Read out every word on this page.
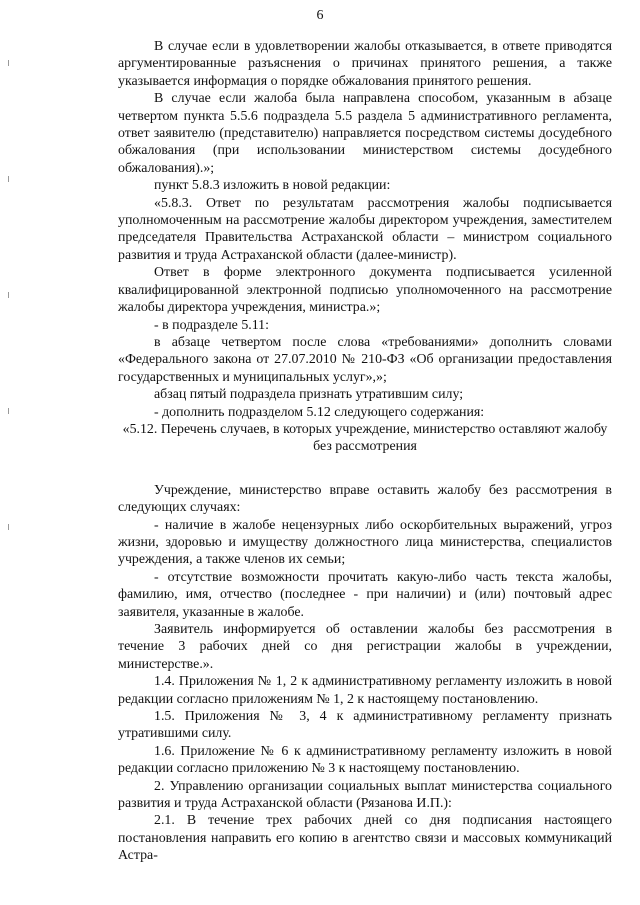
6

В случае если в удовлетворении жалобы отказывается, в ответе приводятся аргументированные разъяснения о причинах принятого решения, а также указывается информация о порядке обжалования принятого решения.

В случае если жалоба была направлена способом, указанным в абзаце четвертом пункта 5.5.6 подраздела 5.5 раздела 5 административного регламента, ответ заявителю (представителю) направляется посредством системы досудебного обжалования (при использовании министерством системы досудебного обжалования).»;

пункт 5.8.3 изложить в новой редакции:

«5.8.3. Ответ по результатам рассмотрения жалобы подписывается уполномоченным на рассмотрение жалобы директором учреждения, заместителем председателя Правительства Астраханской области – министром социального развития и труда Астраханской области (далее-министр).

Ответ в форме электронного документа подписывается усиленной квалифицированной электронной подписью уполномоченного на рассмотрение жалобы директора учреждения, министра.»;

- в подразделе 5.11:

в абзаце четвертом после слова «требованиями» дополнить словами «Федерального закона от 27.07.2010 № 210-ФЗ «Об организации предоставления государственных и муниципальных услуг»,»;

абзац пятый подраздела признать утратившим силу;

- дополнить подразделом 5.12 следующего содержания:

«5.12. Перечень случаев, в которых учреждение, министерство оставляют жалобу без рассмотрения

Учреждение, министерство вправе оставить жалобу без рассмотрения в следующих случаях:

- наличие в жалобе нецензурных либо оскорбительных выражений, угроз жизни, здоровью и имуществу должностного лица министерства, специалистов учреждения, а также членов их семьи;

- отсутствие возможности прочитать какую-либо часть текста жалобы, фамилию, имя, отчество (последнее - при наличии) и (или) почтовый адрес заявителя, указанные в жалобе.

Заявитель информируется об оставлении жалобы без рассмотрения в течение 3 рабочих дней со дня регистрации жалобы в учреждении, министерстве.».

1.4. Приложения № 1, 2 к административному регламенту изложить в новой редакции согласно приложениям № 1, 2 к настоящему постановлению.

1.5. Приложения № 3, 4 к административному регламенту признать утратившими силу.

1.6. Приложение № 6 к административному регламенту изложить в новой редакции согласно приложению № 3 к настоящему постановлению.

2. Управлению организации социальных выплат министерства социального развития и труда Астраханской области (Рязанова И.П.):

2.1. В течение трех рабочих дней со дня подписания настоящего постановления направить его копию в агентство связи и массовых коммуникаций Астра-
